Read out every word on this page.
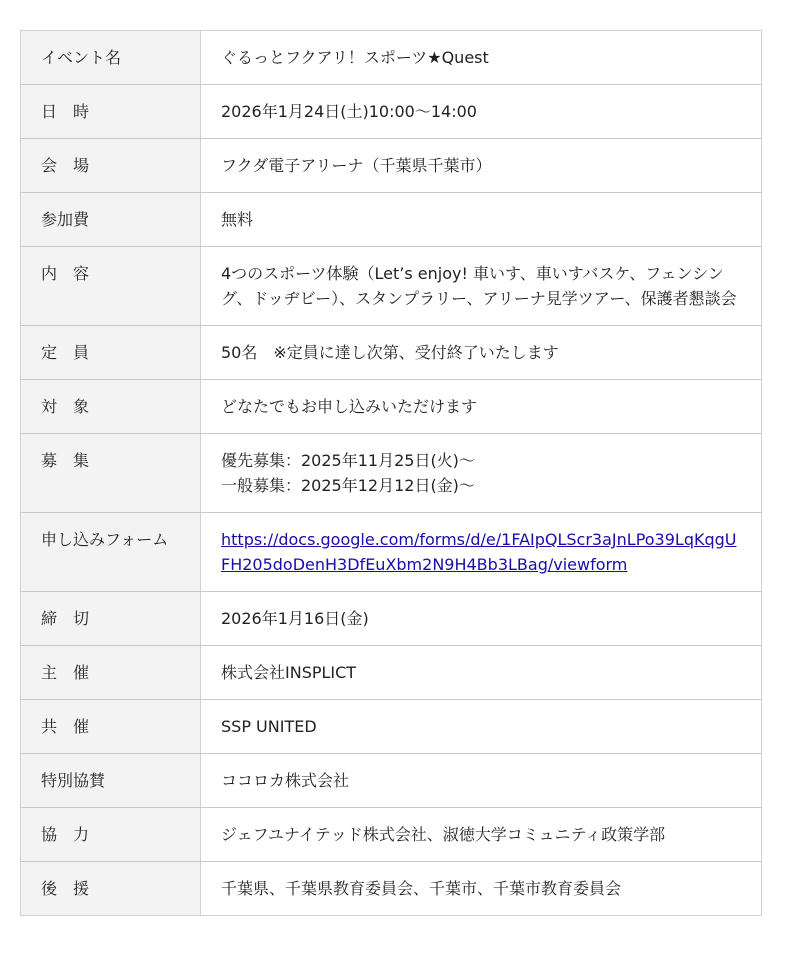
イベント名	ぐるっとフクアリ！スポーツ★Quest
日　時	2026年1月24日(土)10:00〜14:00
会　場	フクダ電子アリーナ（千葉県千葉市）
参加費	無料
内　容	4つのスポーツ体験（Let’s enjoy! 車いす、車いすバスケ、フェンシング、ドッヂビー）、スタンプラリー、アリーナ見学ツアー、保護者懇談会
定　員	50名　※定員に達し次第、受付終了いたします
対　象	どなたでもお申し込みいただけます
募　集	優先募集：2025年11月25日(火)〜
一般募集：2025年12月12日(金)〜

申し込みフォーム	https://docs.google.com/forms/d/e/1FAIpQLScr3aJnLPo39LqKqgUFH205doDenH3DfEuXbm2N9H4Bb3LBag/viewform
締　切	2026年1月16日(金)
主　催	株式会社INSPLICT
共　催	SSP UNITED
特別協賛	ココロカ株式会社
協　力	ジェフユナイテッド株式会社、淑徳大学コミュニティ政策学部
後　援	千葉県、千葉県教育委員会、千葉市、千葉市教育委員会
